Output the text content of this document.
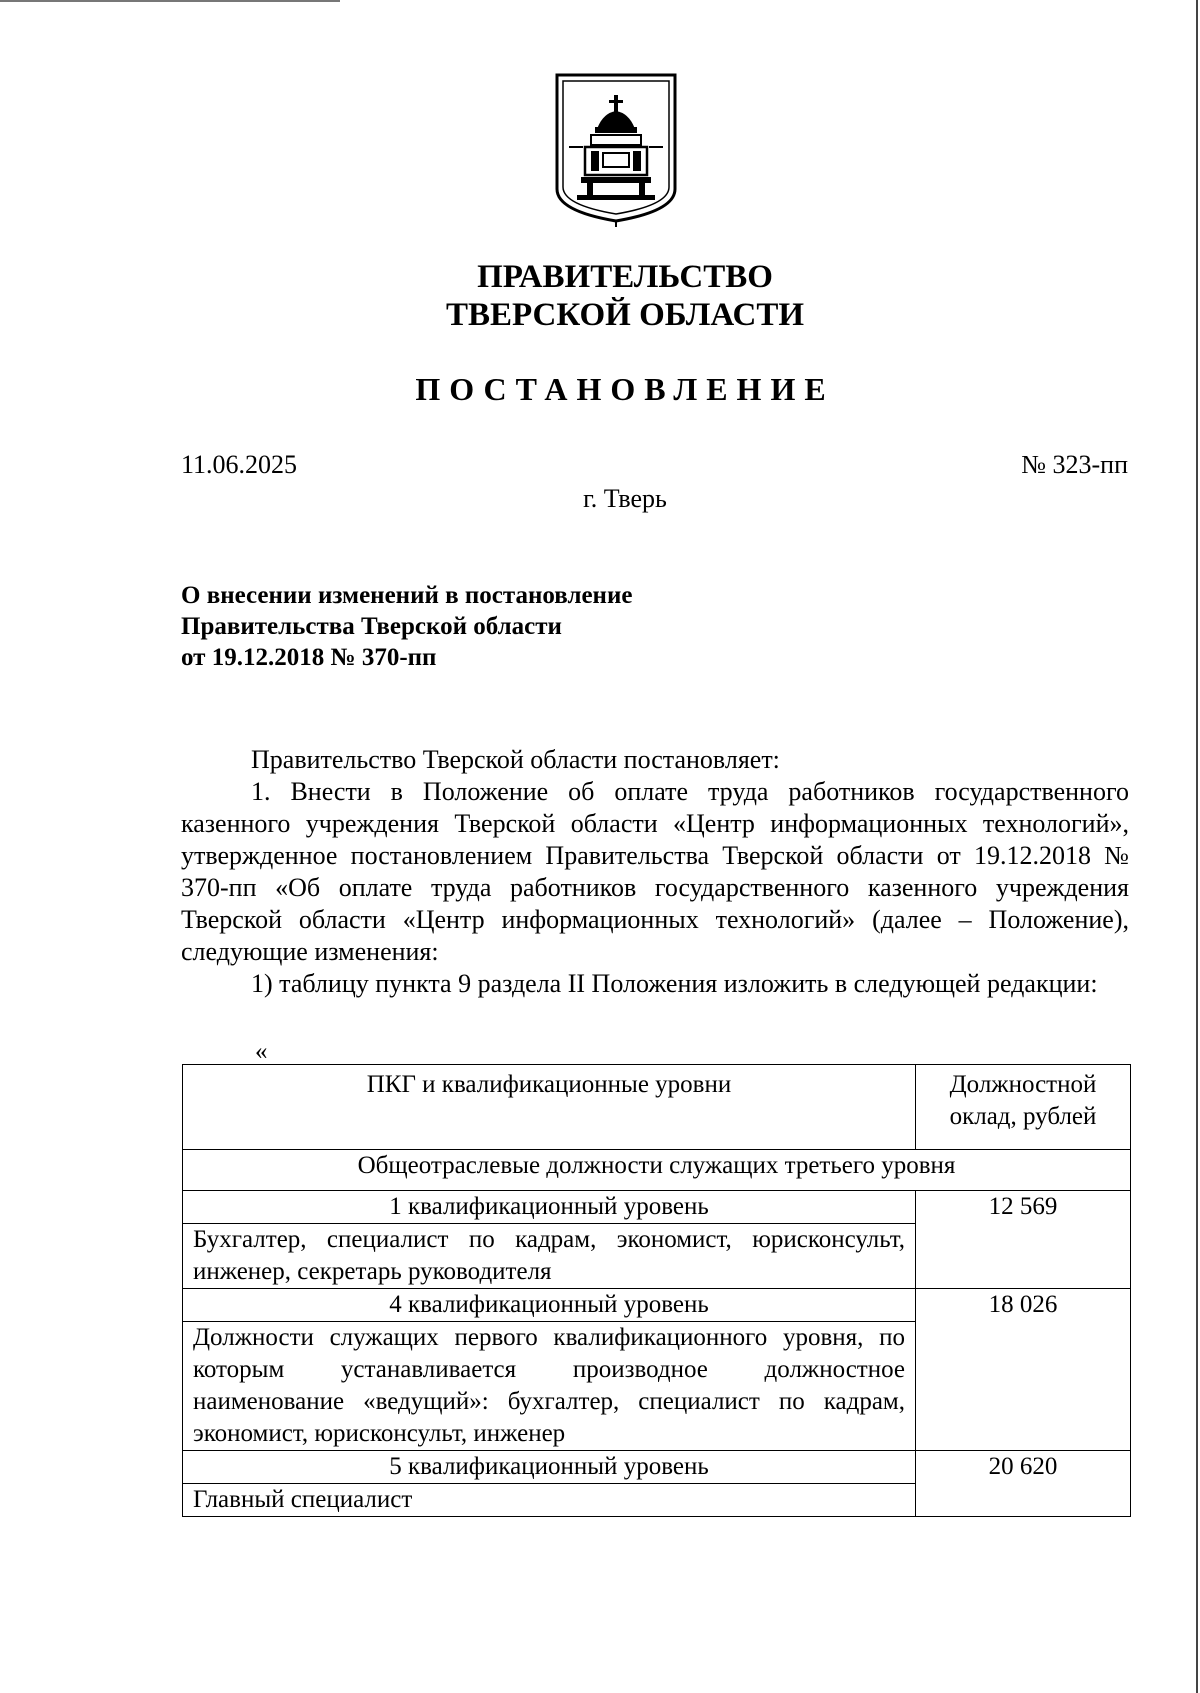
ПРАВИТЕЛЬСТВО
ТВЕРСКОЙ ОБЛАСТИ
ПОСТАНОВЛЕНИЕ
11.06.2025	№ 323-пп
г. Тверь
О внесении изменений в постановление
Правительства Тверской области
от 19.12.2018 № 370-пп

Правительство Тверской области постановляет:

1. Внести в Положение об оплате труда работников государственного казенного учреждения Тверской области «Центр информационных технологий», утвержденное постановлением Правительства Тверской области от 19.12.2018 № 370-пп «Об оплате труда работников государственного казенного учреждения Тверской области «Центр информационных технологий» (далее – Положение), следующие изменения:

1) таблицу пункта 9 раздела II Положения изложить в следующей редакции:

«
ПКГ и квалификационные уровни	Должностной
оклад, рублей

Общеотраслевые должности служащих третьего уровня	
1 квалификационный уровень	12 569
Бухгалтер, специалист по кадрам, экономист, юрисконсульт, инженер, секретарь руководителя	
4 квалификационный уровень	18 026
Должности служащих первого квалификационного уровня, по которым устанавливается производное должностное наименование «ведущий»: бухгалтер, специалист по кадрам, экономист, юрисконсульт, инженер	
5 квалификационный уровень	20 620
Главный специалист	
